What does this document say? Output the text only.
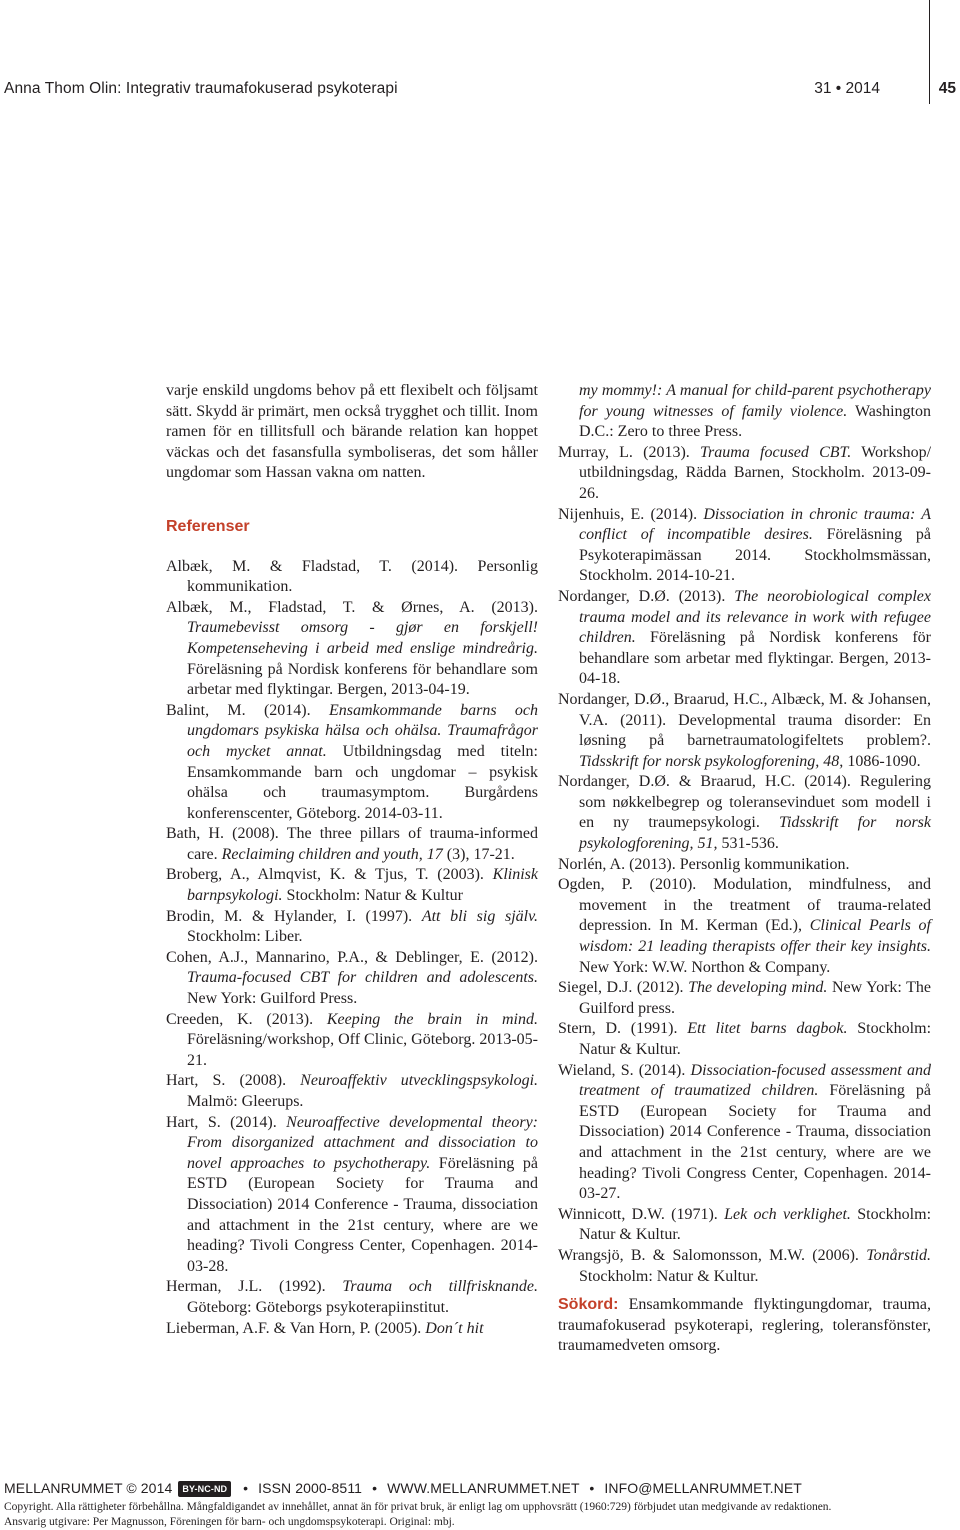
Anna Thom Olin: Integrativ traumafokuserad psykoterapi	31 • 2014	45

varje enskild ungdoms behov på ett flexibelt och följsamt sätt. Skydd är primärt, men också trygghet och tillit. Inom ramen för en tillitsfull och bärande relation kan hoppet väckas och det fasansfulla symboliseras, det som håller ungdomar som Hassan vakna om natten.

Referenser
Albæk, M. & Fladstad, T. (2014). Personlig kommunikation.
Albæk, M., Fladstad, T. & Ørnes, A. (2013). Traumebevisst omsorg - gjør en forskjell! Kompetenseheving i arbeid med enslige mindreårig. Föreläsning på Nordisk konferens för behandlare som arbetar med flyktingar. Bergen, 2013-04-19.
Balint, M. (2014). Ensamkommande barns och ungdomars psykiska hälsa och ohälsa. Traumafrågor och mycket annat. Utbildningsdag med titeln: Ensamkommande barn och ungdomar – psykisk ohälsa och traumasymptom. Burgårdens konferenscenter, Göteborg. 2014-03-11.
Bath, H. (2008). The three pillars of trauma-informed care. Reclaiming children and youth, 17 (3), 17-21.
Broberg, A., Almqvist, K. & Tjus, T. (2003). Klinisk barnpsykologi. Stockholm: Natur & Kultur
Brodin, M. & Hylander, I. (1997). Att bli sig själv. Stockholm: Liber.
Cohen, A.J., Mannarino, P.A., & Deblinger, E. (2012). Trauma-focused CBT for children and adolescents. New York: Guilford Press.
Creeden, K. (2013). Keeping the brain in mind. Föreläsning/workshop, Off Clinic, Göteborg. 2013-05-21.
Hart, S. (2008). Neuroaffektiv utvecklingspsykologi. Malmö: Gleerups.
Hart, S. (2014). Neuroaffective developmental theory: From disorganized attachment and dissociation to novel approaches to psychotherapy. Föreläsning på ESTD (European Society for Trauma and Dissociation) 2014 Conference - Trauma, dissociation and attachment in the 21st century, where are we heading? Tivoli Congress Center, Copenhagen. 2014-03-28.
Herman, J.L. (1992). Trauma och tillfrisknande. Göteborg: Göteborgs psykoterapiinstitut.
Lieberman, A.F. & Van Horn, P. (2005). Don´t hit
my mommy!: A manual for child-parent psychotherapy for young witnesses of family violence. Washington D.C.: Zero to three Press.
Murray, L. (2013). Trauma focused CBT. Workshop/ utbildningsdag, Rädda Barnen, Stockholm. 2013-09-26.
Nijenhuis, E. (2014). Dissociation in chronic trauma: A conflict of incompatible desires. Föreläsning på Psykoterapimässan 2014. Stockholmsmässan, Stockholm. 2014-10-21.
Nordanger, D.Ø. (2013). The neorobiological complex trauma model and its relevance in work with refugee children. Föreläsning på Nordisk konferens för behandlare som arbetar med flyktingar. Bergen, 2013-04-18.
Nordanger, D.Ø., Braarud, H.C., Albæck, M. & Johansen, V.A. (2011). Developmental trauma disorder: En løsning på barnetraumatologifeltets problem?. Tidsskrift for norsk psykologforening, 48, 1086-1090.
Nordanger, D.Ø. & Braarud, H.C. (2014). Regulering som nøkkelbegrep og toleransevinduet som modell i en ny traumepsykologi. Tidsskrift for norsk psykologforening, 51, 531-536.
Norlén, A. (2013). Personlig kommunikation.
Ogden, P. (2010). Modulation, mindfulness, and movement in the treatment of trauma-related depression. In M. Kerman (Ed.), Clinical Pearls of wisdom: 21 leading therapists offer their key insights. New York: W.W. Northon & Company.
Siegel, D.J. (2012). The developing mind. New York: The Guilford press.
Stern, D. (1991). Ett litet barns dagbok. Stockholm: Natur & Kultur.
Wieland, S. (2014). Dissociation-focused assessment and treatment of traumatized children. Föreläsning på ESTD (European Society for Trauma and Dissociation) 2014 Conference - Trauma, dissociation and attachment in the 21st century, where are we heading? Tivoli Congress Center, Copenhagen. 2014-03-27.
Winnicott, D.W. (1971). Lek och verklighet. Stockholm: Natur & Kultur.
Wrangsjö, B. & Salomonsson, M.W. (2006). Tonårstid. Stockholm: Natur & Kultur.
Sökord: Ensamkommande flyktingungdomar, trauma, traumafokuserad psykoterapi, reglering, toleransfönster, traumamedveten omsorg.
MELLANRUMMET © 2014 BY-NC-ND • ISSN 2000-8511 • WWW.MELLANRUMMET.NET • INFO@MELLANRUMMET.NET
Copyright. Alla rättigheter förbehållna. Mångfaldigandet av innehållet, annat än för privat bruk, är enligt lag om upphovsrätt (1960:729) förbjudet utan medgivande av redaktionen.
Ansvarig utgivare: Per Magnusson, Föreningen för barn- och ungdomspsykoterapi. Original: mbj.
